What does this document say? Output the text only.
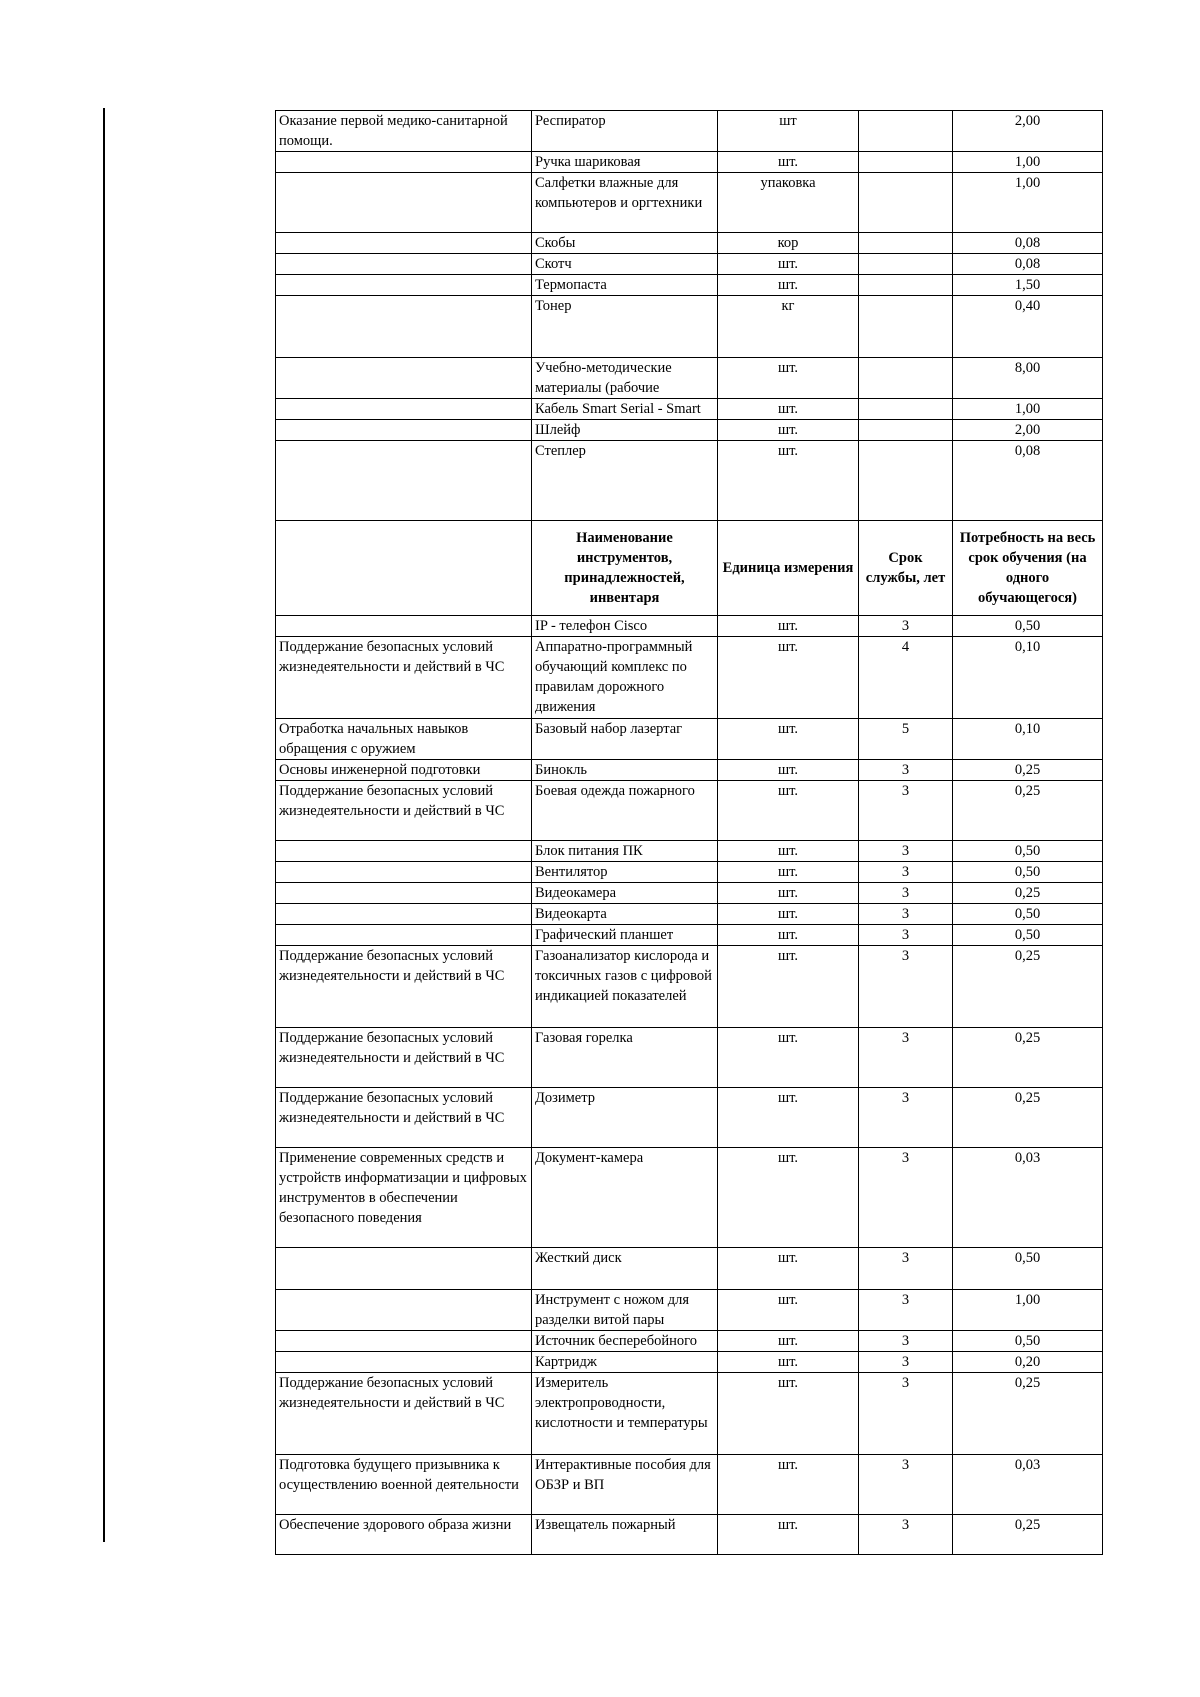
Оказание первой медико-санитарной помощи.	Респиратор	шт		2,00
	Ручка шариковая	шт.		1,00
	Салфетки влажные для компьютеров и оргтехники	упаковка		1,00
	Скобы	кор		0,08
	Скотч	шт.		0,08
	Термопаста	шт.		1,50
	Тонер	кг		0,40
	Учебно-методические материалы (рабочие	шт.		8,00
	Кабель Smart Serial - Smart	шт.		1,00
	Шлейф	шт.		2,00
	Степлер	шт.		0,08
	Наименование инструментов, принадлежностей, инвентаря	Единица измерения	Срок службы, лет	Потребность на весь срок обучения (на одного обучающегося)
	IP - телефон Cisco	шт.	3	0,50
Поддержание безопасных условий жизнедеятельности и действий в ЧС	Аппаратно-программный обучающий комплекс по правилам дорожного движения	шт.	4	0,10
Отработка начальных навыков обращения с оружием	Базовый набор лазертаг	шт.	5	0,10
Основы инженерной подготовки	Бинокль	шт.	3	0,25
Поддержание безопасных условий жизнедеятельности и действий в ЧС	Боевая одежда пожарного	шт.	3	0,25
	Блок питания ПК	шт.	3	0,50
	Вентилятор	шт.	3	0,50
	Видеокамера	шт.	3	0,25
	Видеокарта	шт.	3	0,50
	Графический планшет	шт.	3	0,50
Поддержание безопасных условий жизнедеятельности и действий в ЧС	Газоанализатор кислорода и токсичных газов с цифровой индикацией показателей	шт.	3	0,25
Поддержание безопасных условий жизнедеятельности и действий в ЧС	Газовая горелка	шт.	3	0,25
Поддержание безопасных условий жизнедеятельности и действий в ЧС	Дозиметр	шт.	3	0,25
Применение современных средств и устройств информатизации и цифровых инструментов в обеспечении безопасного поведения	Документ-камера	шт.	3	0,03
	Жесткий диск	шт.	3	0,50
	Инструмент с ножом для разделки витой пары	шт.	3	1,00
	Источник бесперебойного	шт.	3	0,50
	Картридж	шт.	3	0,20
Поддержание безопасных условий жизнедеятельности и действий в ЧС	Измеритель электропроводности, кислотности и температуры	шт.	3	0,25
Подготовка будущего призывника к осуществлению военной деятельности	Интерактивные пособия для ОБЗР и ВП	шт.	3	0,03
Обеспечение здорового образа жизни	Извещатель пожарный	шт.	3	0,25
